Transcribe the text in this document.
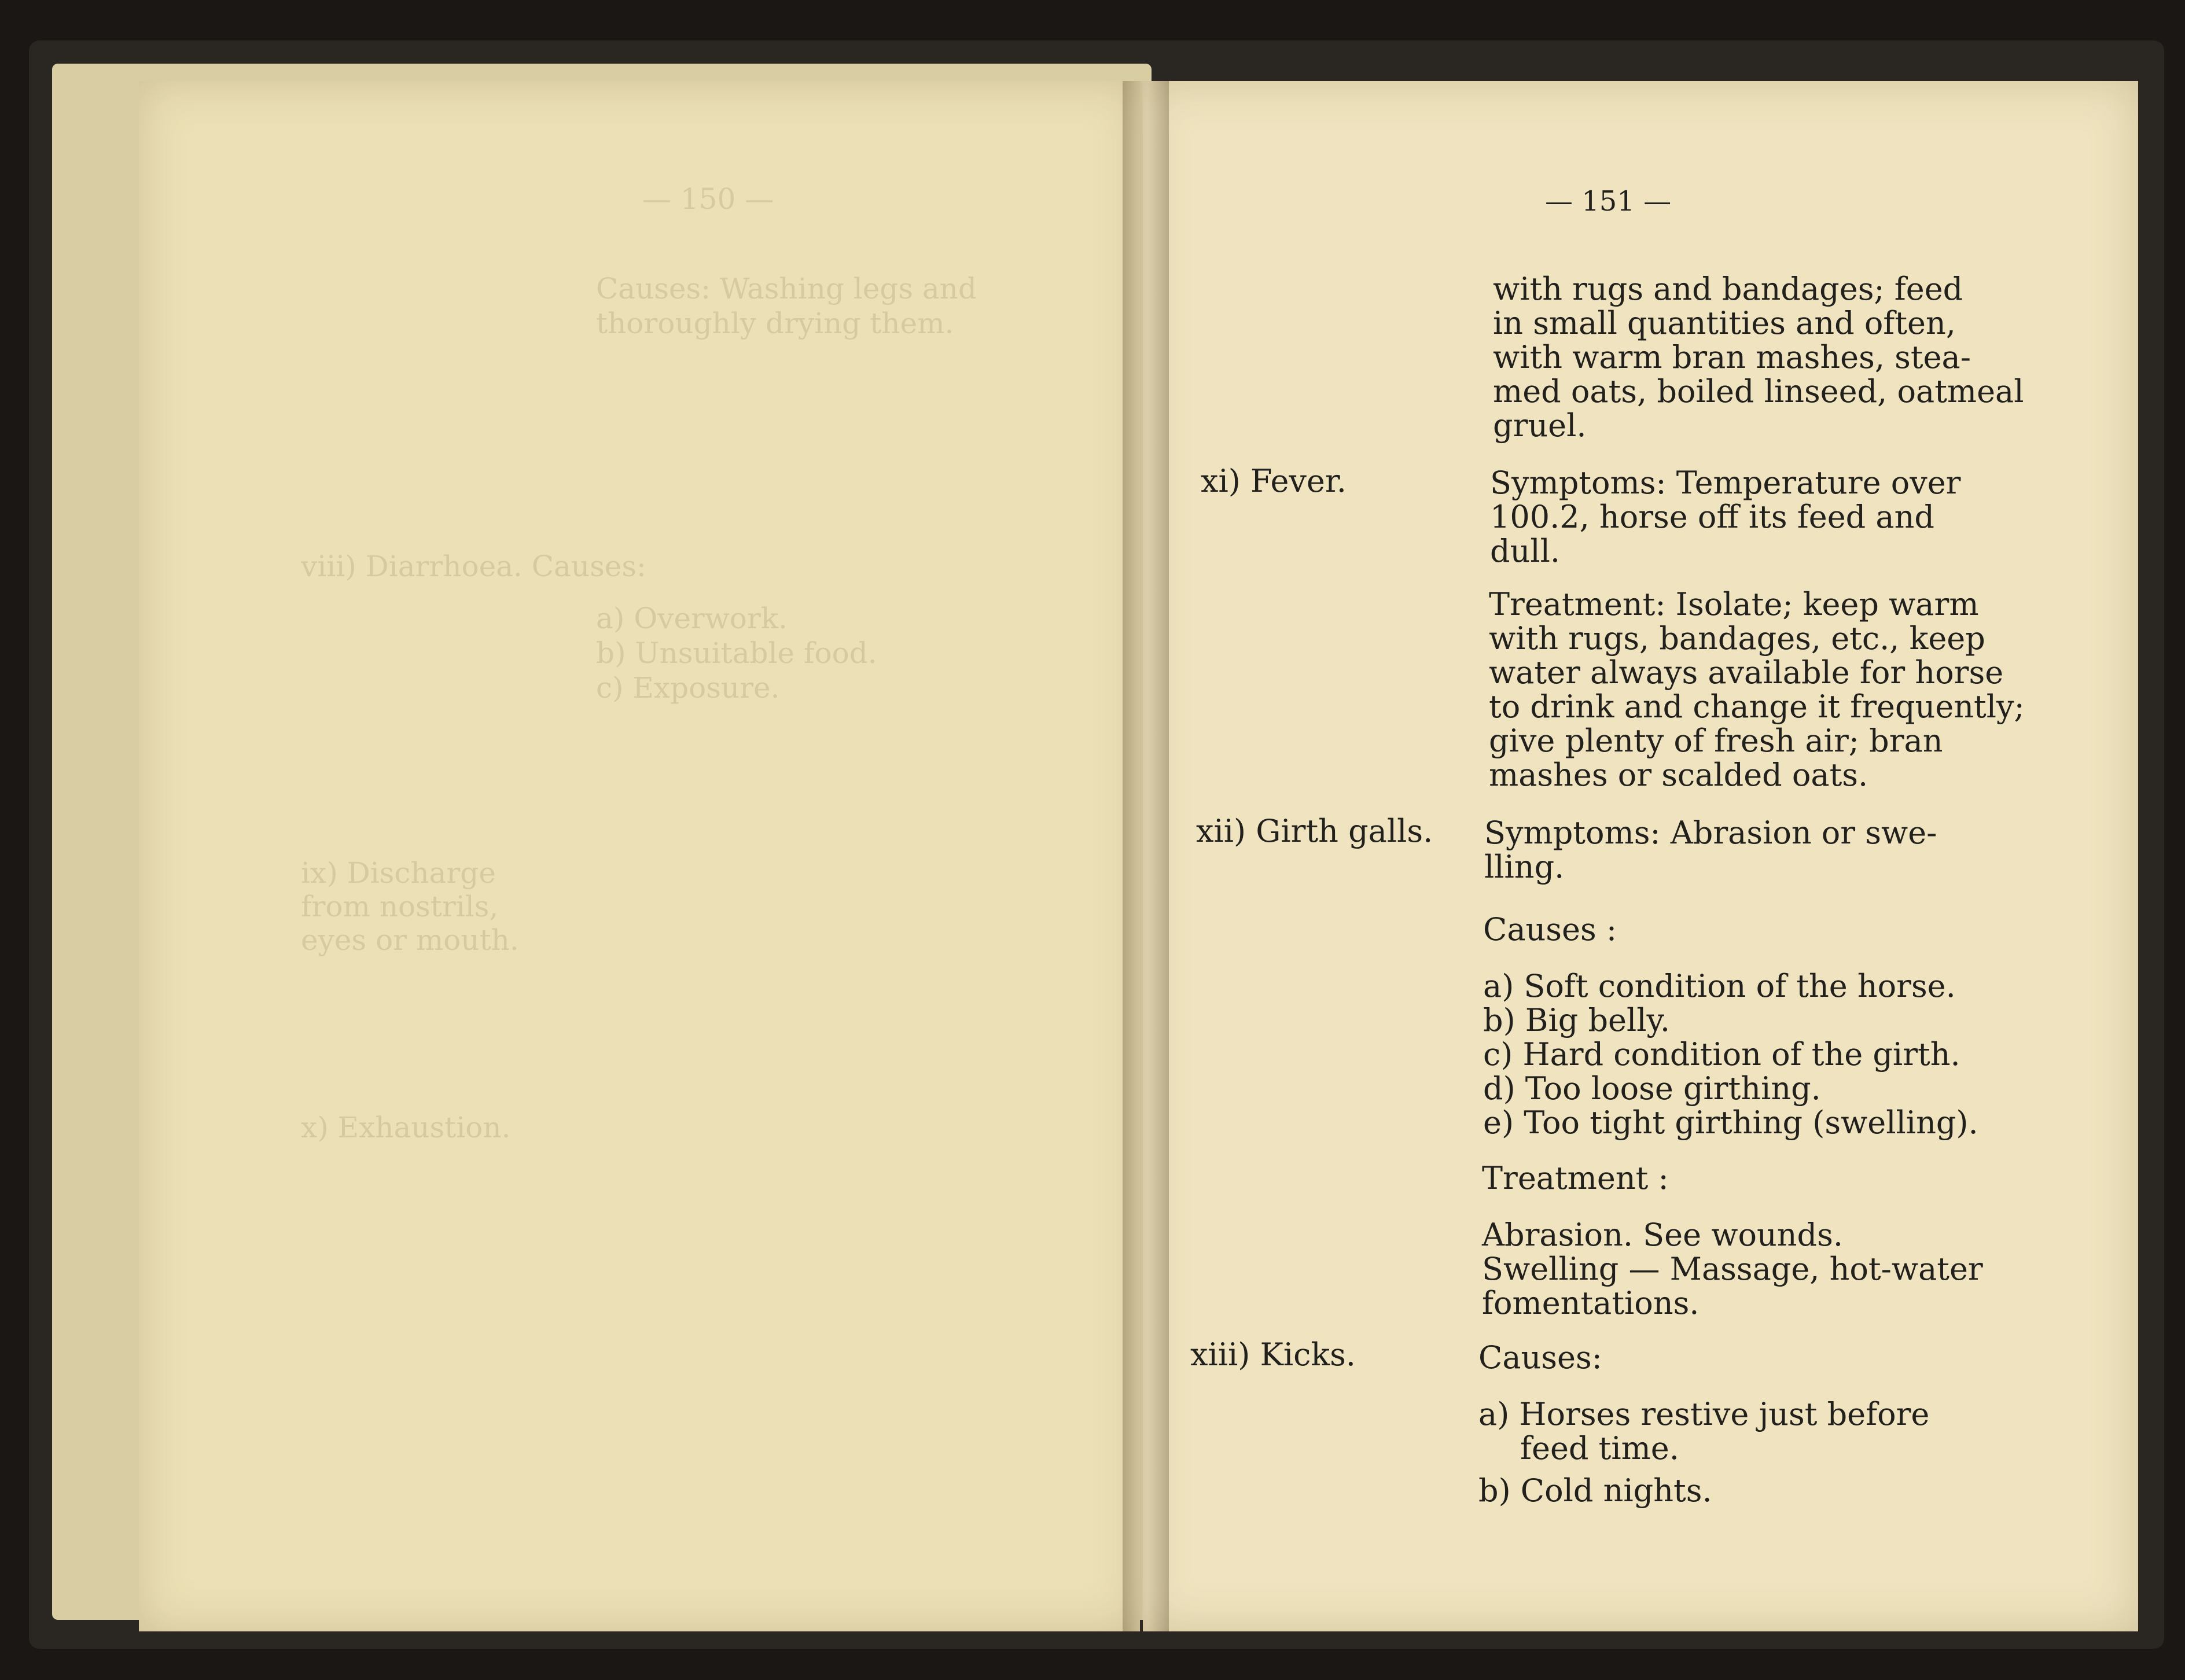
— 150 —
Causes: Washing legs and
thoroughly drying them.
viii) Diarrhoea. Causes:
a) Overwork.
b) Unsuitable food.
c) Exposure.
ix) Discharge from nostrils, eyes or mouth.
x) Exhaustion.
— 151 —
with rugs and bandages; feed
in small quantities and often,
with warm bran mashes, stea-
med oats, boiled linseed, oatmeal
gruel.
xi) Fever.	Symptoms: Temperature over
100.2, horse off its feed and
dull.
Treatment: Isolate; keep warm
with rugs, bandages, etc., keep
water always available for horse
to drink and change it frequently;
give plenty of fresh air; bran
mashes or scalded oats.
xii) Girth galls. Symptoms: Abrasion or swe-
lling.
Causes :
a) Soft condition of the horse.
b) Big belly.
c) Hard condition of the girth.
d) Too loose girthing.
e) Too tight girthing (swelling).
Treatment :
Abrasion. See wounds.
Swelling — Massage, hot-water
fomentations.
xiii) Kicks.	Causes:
a) Horses restive just before
feed time.
b) Cold nights.
